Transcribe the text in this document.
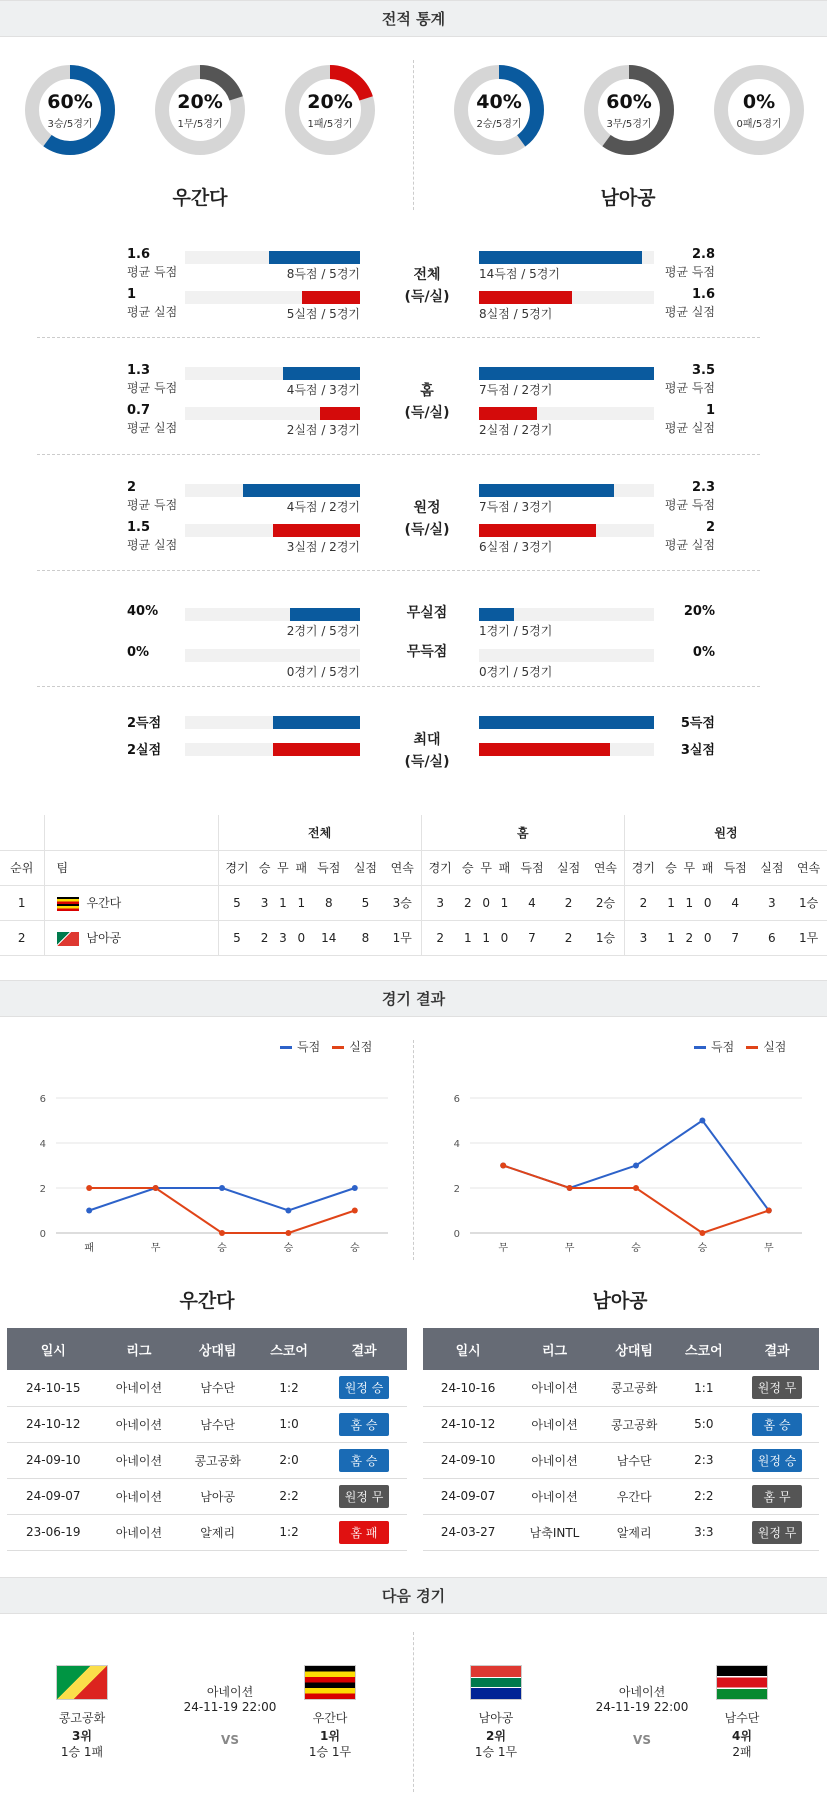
전적 통계
60%
3승/5경기
20%
1무/5경기
20%
1패/5경기
40%
2승/5경기
60%
3무/5경기
0%
0패/5경기
우간다	남아공
1.6
평균 득점	8득점 / 5경기	14득점 / 5경기
2.8
평균 득점
1
평균 실점	5실점 / 5경기	8실점 / 5경기
1.6
평균 실점
전체
(득/실)
1.3
평균 득점	4득점 / 3경기	7득점 / 2경기
3.5
평균 득점
0.7
평균 실점	2실점 / 3경기	2실점 / 2경기
1
평균 실점
홈
(득/실)
2
평균 득점	4득점 / 2경기	7득점 / 3경기
2.3
평균 득점
1.5
평균 실점	3실점 / 2경기	6실점 / 3경기
2
평균 실점
원정
(득/실)
40%
2경기 / 5경기	1경기 / 5경기
20%
0%
0경기 / 5경기	0경기 / 5경기
0%
무실점
무득점
2득점	5득점
2실점	3실점
최대
(득/실)
		전체							홈							원정						
순위	팀	경기	승	무	패	득점	실점	연속	경기	승	무	패	득점	실점	연속	경기	승	무	패	득점	실점	연속
1	우간다	5	3	1	1	8	5	3승	3	2	0	1	4	2	2승	2	1	1	0	4	3	1승
2	남아공	5	2	3	0	14	8	1무	2	1	1	0	7	2	1승	3	1	2	0	7	6	1무
경기 결과
득점 실점
0
2
4
6
패	무	승	승	승
득점 실점
0
2
4
6
무	무	승	승	무
우간다	남아공
일시	리그	상대팀	스코어	결과
24-10-15	아네이션	남수단	1:2	원정 승
24-10-12	아네이션	남수단	1:0	홈 승
24-09-10	아네이션	콩고공화	2:0	홈 승
24-09-07	아네이션	남아공	2:2	원정 무
23-06-19	아네이션	알제리	1:2	홈 패
일시	리그	상대팀	스코어	결과
24-10-16	아네이션	콩고공화	1:1	원정 무
24-10-12	아네이션	콩고공화	5:0	홈 승
24-09-10	아네이션	남수단	2:3	원정 승
24-09-07	아네이션	우간다	2:2	홈 무
24-03-27	남축INTL	알제리	3:3	원정 무
다음 경기
콩고공화
3위
1승 1패
우간다
1위
1승 1무
아네이션
24-11-19 22:00
VS
남아공
2위
1승 1무
남수단
4위
2패
아네이션
24-11-19 22:00
VS
